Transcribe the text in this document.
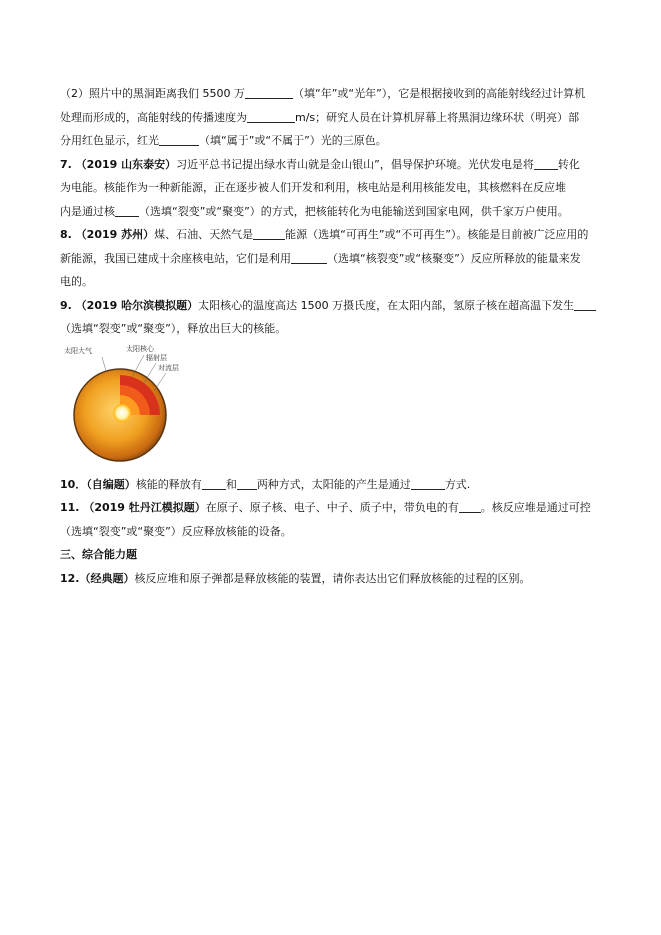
（2）照片中的黑洞距离我们 5500 万	（填“年”或“光年”），它是根据接收到的高能射线经过计算机
处理而形成的，高能射线的传播速度为	m/s；研究人员在计算机屏幕上将黑洞边缘环状（明亮）部
分用红色显示，红光	（填“属于”或“不属于”）光的三原色。
7. （2019 山东泰安）习近平总书记提出绿水青山就是金山银山”，倡导保护环境。光伏发电是将 转化
为电能。核能作为一种新能源，正在逐步被人们开发和利用，核电站是利用核能发电，其核燃料在反应堆
内是通过核 （选填“裂变”或“聚变”）的方式，把核能转化为电能输送到国家电网，供千家万户使用。
8. （2019 苏州）煤、石油、天然气是	能源（选填“可再生”或“不可再生”）。核能是目前被广泛应用的
新能源，我国已建成十余座核电站，它们是利用	（选填“核裂变”或“核聚变”）反应所释放的能量来发
电的。
9. （2019 哈尔滨模拟题）太阳核心的温度高达 1500 万摄氏度，在太阳内部，氢原子核在超高温下发生
（选填“裂变”或“聚变”），释放出巨大的核能。
太阳大气	太阳核心
辐射层
对流层
10．（自编题）核能的释放有 和 两种方式，太阳能的产生是通过	方式.
11. （2019 牡丹江模拟题）在原子、原子核、电子、中子、质子中，带负电的有 。核反应堆是通过可控
（选填“裂变”或“聚变”）反应释放核能的设备。
三、综合能力题
12.（经典题）核反应堆和原子弹都是释放核能的装置，请你表达出它们释放核能的过程的区别。
